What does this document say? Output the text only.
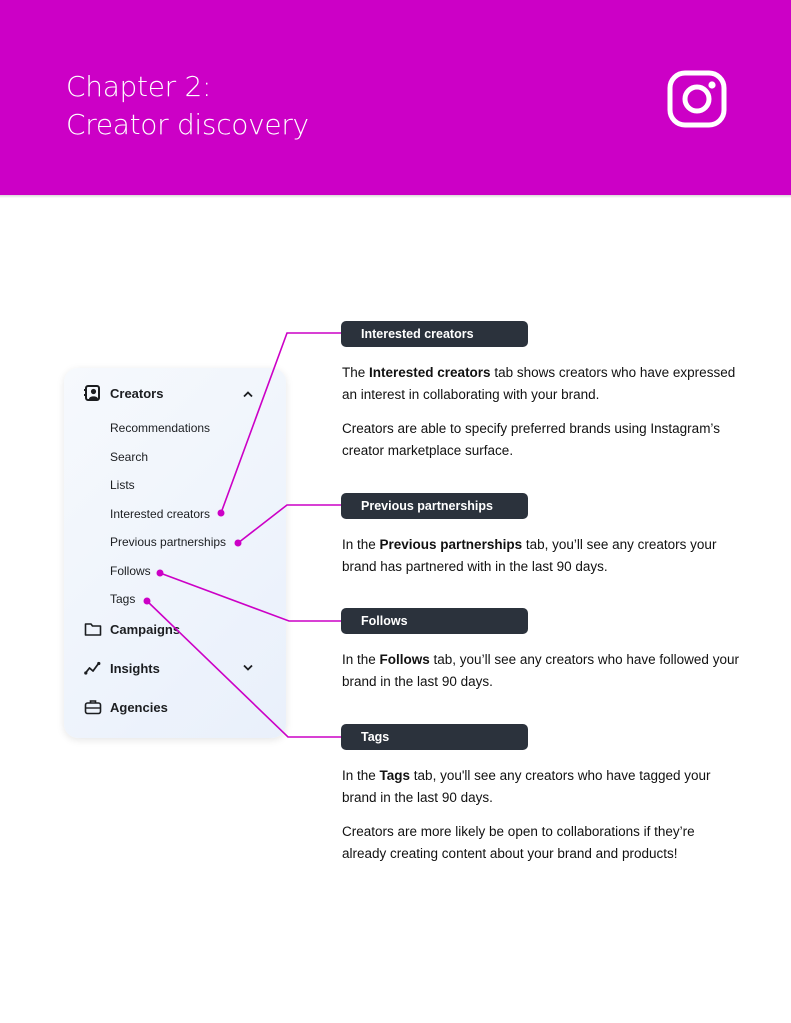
Chapter 2:
Creator discovery
Creators
Recommendations
Search
Lists
Interested creators
Previous partnerships
Follows
Tags
Campaigns
Insights
Agencies
Interested creators

The Interested creators tab shows creators who have expressed an interest in collaborating with your brand.

Creators are able to specify preferred brands using Instagram’s creator marketplace surface.

Previous partnerships

In the Previous partnerships tab, you’ll see any creators your brand has partnered with in the last 90 days.

Follows

In the Follows tab, you’ll see any creators who have followed your brand in the last 90 days.

Tags

In the Tags tab, you'll see any creators who have tagged your brand in the last 90 days.

Creators are more likely be open to collaborations if they’re already creating content about your brand and products!
